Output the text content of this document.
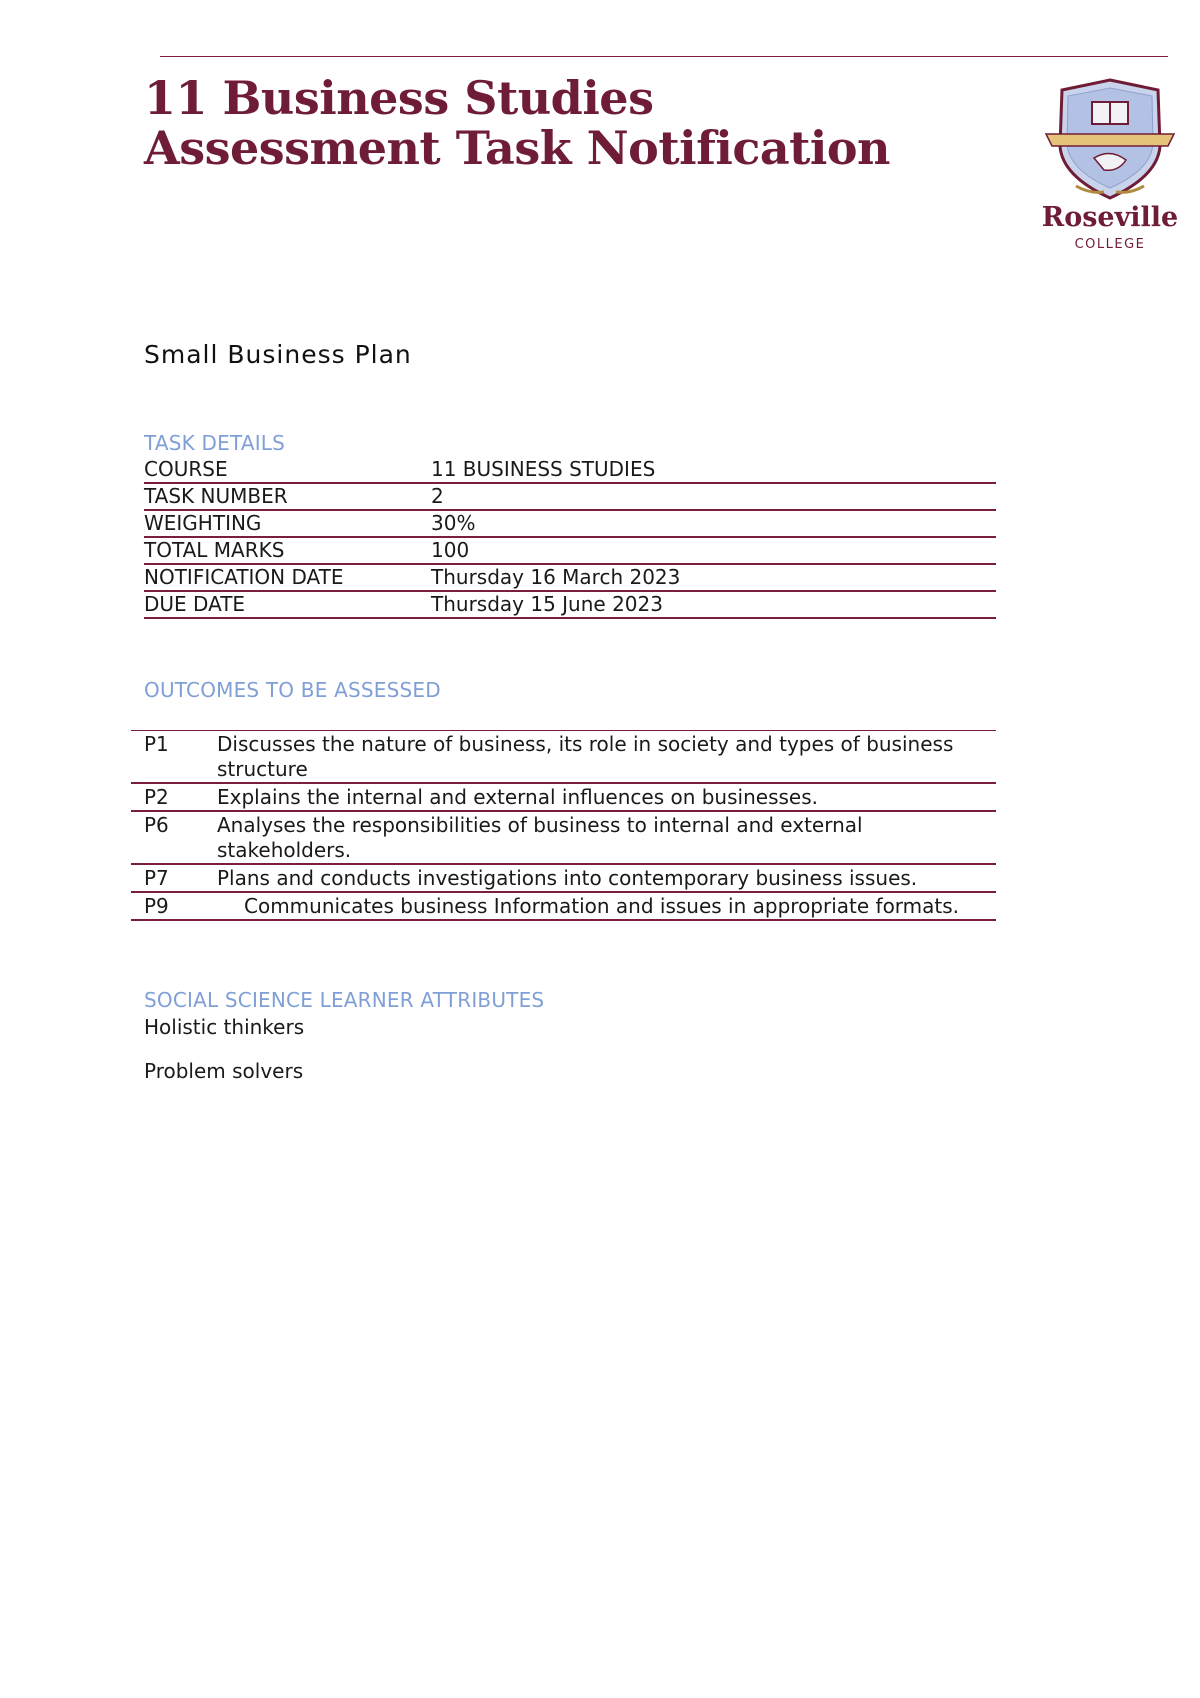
11 Business Studies
Assessment Task Notification
Roseville
COLLEGE
Small Business Plan
TASK DETAILS
COURSE	11 BUSINESS STUDIES
TASK NUMBER	2
WEIGHTING	30%
TOTAL MARKS	100
NOTIFICATION DATE	Thursday 16 March 2023
DUE DATE	Thursday 15 June 2023
OUTCOMES TO BE ASSESSED
P1	Discusses the nature of business, its role in society and types of business structure
P2	Explains the internal and external influences on businesses.
P6	Analyses the responsibilities of business to internal and external stakeholders.
P7	Plans and conducts investigations into contemporary business issues.
P9	Communicates business Information and issues in appropriate formats.
SOCIAL SCIENCE LEARNER ATTRIBUTES

Holistic thinkers

Problem solvers
